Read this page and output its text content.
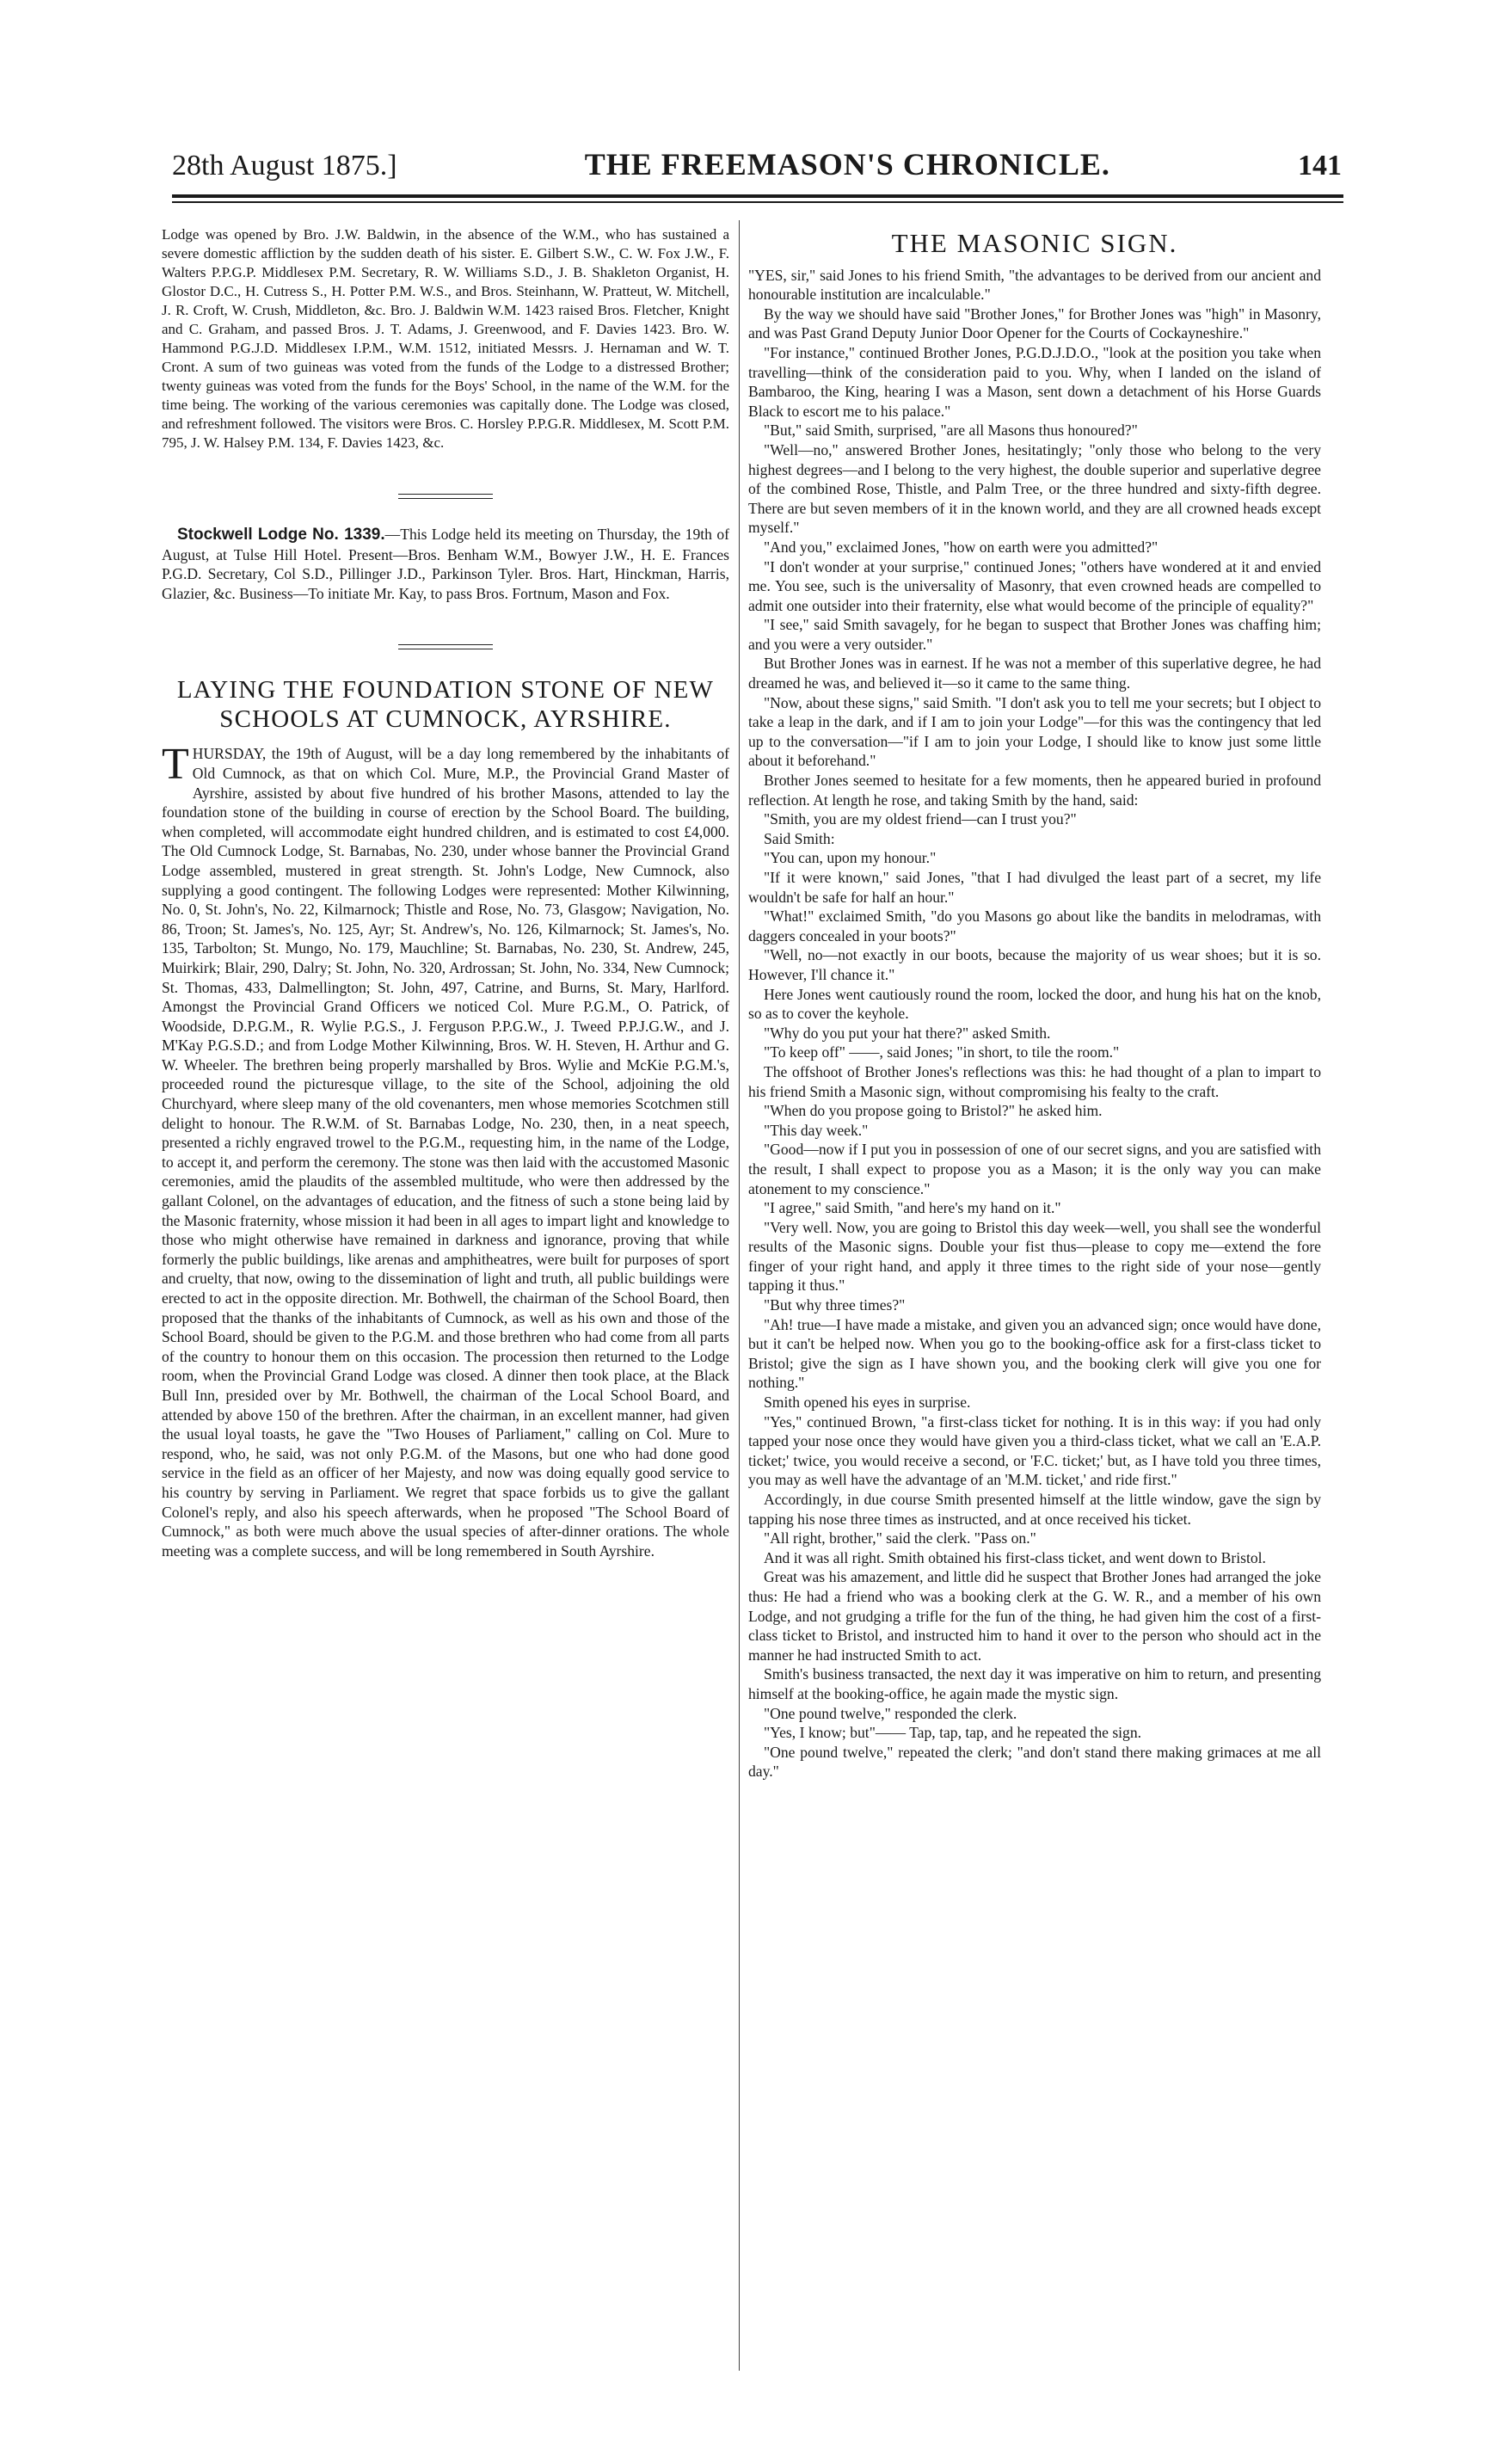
28th August 1875.]	THE FREEMASON'S CHRONICLE.	141

Lodge was opened by Bro. J.W. Baldwin, in the absence of the W.M., who has sustained a severe domestic affliction by the sudden death of his sister. E. Gilbert S.W., C. W. Fox J.W., F. Walters P.P.G.P. Middlesex P.M. Secretary, R. W. Williams S.D., J. B. Shakleton Organist, H. Glostor D.C., H. Cutress S., H. Potter P.M. W.S., and Bros. Steinhann, W. Pratteut, W. Mitchell, J. R. Croft, W. Crush, Middleton, &c. Bro. J. Baldwin W.M. 1423 raised Bros. Fletcher, Knight and C. Graham, and passed Bros. J. T. Adams, J. Greenwood, and F. Davies 1423. Bro. W. Hammond P.G.J.D. Middlesex I.P.M., W.M. 1512, initiated Messrs. J. Hernaman and W. T. Cront. A sum of two guineas was voted from the funds of the Lodge to a distressed Brother; twenty guineas was voted from the funds for the Boys' School, in the name of the W.M. for the time being. The working of the various ceremonies was capitally done. The Lodge was closed, and refreshment followed. The visitors were Bros. C. Horsley P.P.G.R. Middlesex, M. Scott P.M. 795, J. W. Halsey P.M. 134, F. Davies 1423, &c.

Stockwell Lodge No. 1339.—This Lodge held its meeting on Thursday, the 19th of August, at Tulse Hill Hotel. Present—Bros. Benham W.M., Bowyer J.W., H. E. Frances P.G.D. Secretary, Col S.D., Pillinger J.D., Parkinson Tyler. Bros. Hart, Hinckman, Harris, Glazier, &c. Business—To initiate Mr. Kay, to pass Bros. Fortnum, Mason and Fox.

LAYING THE FOUNDATION STONE OF NEW
SCHOOLS AT CUMNOCK, AYRSHIRE.

THURSDAY, the 19th of August, will be a day long remembered by the inhabitants of Old Cumnock, as that on which Col. Mure, M.P., the Provincial Grand Master of Ayrshire, assisted by about five hundred of his brother Masons, attended to lay the foundation stone of the building in course of erection by the School Board. The building, when completed, will accommodate eight hundred children, and is estimated to cost £4,000. The Old Cumnock Lodge, St. Barnabas, No. 230, under whose banner the Provincial Grand Lodge assembled, mustered in great strength. St. John's Lodge, New Cumnock, also supplying a good contingent. The following Lodges were represented: Mother Kilwinning, No. 0, St. John's, No. 22, Kilmarnock; Thistle and Rose, No. 73, Glasgow; Navigation, No. 86, Troon; St. James's, No. 125, Ayr; St. Andrew's, No. 126, Kilmarnock; St. James's, No. 135, Tarbolton; St. Mungo, No. 179, Mauchline; St. Barnabas, No. 230, St. Andrew, 245, Muirkirk; Blair, 290, Dalry; St. John, No. 320, Ardrossan; St. John, No. 334, New Cumnock; St. Thomas, 433, Dalmellington; St. John, 497, Catrine, and Burns, St. Mary, Harlford. Amongst the Provincial Grand Officers we noticed Col. Mure P.G.M., O. Patrick, of Woodside, D.P.G.M., R. Wylie P.G.S., J. Ferguson P.P.G.W., J. Tweed P.P.J.G.W., and J. M'Kay P.G.S.D.; and from Lodge Mother Kilwinning, Bros. W. H. Steven, H. Arthur and G. W. Wheeler. The brethren being properly marshalled by Bros. Wylie and McKie P.G.M.'s, proceeded round the picturesque village, to the site of the School, adjoining the old Churchyard, where sleep many of the old covenanters, men whose memories Scotchmen still delight to honour. The R.W.M. of St. Barnabas Lodge, No. 230, then, in a neat speech, presented a richly engraved trowel to the P.G.M., requesting him, in the name of the Lodge, to accept it, and perform the ceremony. The stone was then laid with the accustomed Masonic ceremonies, amid the plaudits of the assembled multitude, who were then addressed by the gallant Colonel, on the advantages of education, and the fitness of such a stone being laid by the Masonic fraternity, whose mission it had been in all ages to impart light and knowledge to those who might otherwise have remained in darkness and ignorance, proving that while formerly the public buildings, like arenas and amphitheatres, were built for purposes of sport and cruelty, that now, owing to the dissemination of light and truth, all public buildings were erected to act in the opposite direction. Mr. Bothwell, the chairman of the School Board, then proposed that the thanks of the inhabitants of Cumnock, as well as his own and those of the School Board, should be given to the P.G.M. and those brethren who had come from all parts of the country to honour them on this occasion. The procession then returned to the Lodge room, when the Provincial Grand Lodge was closed. A dinner then took place, at the Black Bull Inn, presided over by Mr. Bothwell, the chairman of the Local School Board, and attended by above 150 of the brethren. After the chairman, in an excellent manner, had given the usual loyal toasts, he gave the "Two Houses of Parliament," calling on Col. Mure to respond, who, he said, was not only P.G.M. of the Masons, but one who had done good service in the field as an officer of her Majesty, and now was doing equally good service to his country by serving in Parliament. We regret that space forbids us to give the gallant Colonel's reply, and also his speech afterwards, when he proposed "The School Board of Cumnock," as both were much above the usual species of after-dinner orations. The whole meeting was a complete success, and will be long remembered in South Ayrshire.

THE MASONIC SIGN.

"YES, sir," said Jones to his friend Smith, "the advantages to be derived from our ancient and honourable institution are incalculable."

By the way we should have said "Brother Jones," for Brother Jones was "high" in Masonry, and was Past Grand Deputy Junior Door Opener for the Courts of Cockayneshire."

"For instance," continued Brother Jones, P.G.D.J.D.O., "look at the position you take when travelling—think of the consideration paid to you. Why, when I landed on the island of Bambaroo, the King, hearing I was a Mason, sent down a detachment of his Horse Guards Black to escort me to his palace."

"But," said Smith, surprised, "are all Masons thus honoured?"

"Well—no," answered Brother Jones, hesitatingly; "only those who belong to the very highest degrees—and I belong to the very highest, the double superior and superlative degree of the combined Rose, Thistle, and Palm Tree, or the three hundred and sixty-fifth degree. There are but seven members of it in the known world, and they are all crowned heads except myself."

"And you," exclaimed Jones, "how on earth were you admitted?"

"I don't wonder at your surprise," continued Jones; "others have wondered at it and envied me. You see, such is the universality of Masonry, that even crowned heads are compelled to admit one outsider into their fraternity, else what would become of the principle of equality?"

"I see," said Smith savagely, for he began to suspect that Brother Jones was chaffing him; and you were a very outsider."

But Brother Jones was in earnest. If he was not a member of this superlative degree, he had dreamed he was, and believed it—so it came to the same thing.

"Now, about these signs," said Smith. "I don't ask you to tell me your secrets; but I object to take a leap in the dark, and if I am to join your Lodge"—for this was the contingency that led up to the conversation—"if I am to join your Lodge, I should like to know just some little about it beforehand."

Brother Jones seemed to hesitate for a few moments, then he appeared buried in profound reflection. At length he rose, and taking Smith by the hand, said:

"Smith, you are my oldest friend—can I trust you?"

Said Smith:

"You can, upon my honour."

"If it were known," said Jones, "that I had divulged the least part of a secret, my life wouldn't be safe for half an hour."

"What!" exclaimed Smith, "do you Masons go about like the bandits in melodramas, with daggers concealed in your boots?"

"Well, no—not exactly in our boots, because the majority of us wear shoes; but it is so. However, I'll chance it."

Here Jones went cautiously round the room, locked the door, and hung his hat on the knob, so as to cover the keyhole.

"Why do you put your hat there?" asked Smith.

"To keep off" ——, said Jones; "in short, to tile the room."

The offshoot of Brother Jones's reflections was this: he had thought of a plan to impart to his friend Smith a Masonic sign, without compromising his fealty to the craft.

"When do you propose going to Bristol?" he asked him.

"This day week."

"Good—now if I put you in possession of one of our secret signs, and you are satisfied with the result, I shall expect to propose you as a Mason; it is the only way you can make atonement to my conscience."

"I agree," said Smith, "and here's my hand on it."

"Very well. Now, you are going to Bristol this day week—well, you shall see the wonderful results of the Masonic signs. Double your fist thus—please to copy me—extend the fore finger of your right hand, and apply it three times to the right side of your nose—gently tapping it thus."

"But why three times?"

"Ah! true—I have made a mistake, and given you an advanced sign; once would have done, but it can't be helped now. When you go to the booking-office ask for a first-class ticket to Bristol; give the sign as I have shown you, and the booking clerk will give you one for nothing."

Smith opened his eyes in surprise.

"Yes," continued Brown, "a first-class ticket for nothing. It is in this way: if you had only tapped your nose once they would have given you a third-class ticket, what we call an 'E.A.P. ticket;' twice, you would receive a second, or 'F.C. ticket;' but, as I have told you three times, you may as well have the advantage of an 'M.M. ticket,' and ride first."

Accordingly, in due course Smith presented himself at the little window, gave the sign by tapping his nose three times as instructed, and at once received his ticket.

"All right, brother," said the clerk. "Pass on."

And it was all right. Smith obtained his first-class ticket, and went down to Bristol.

Great was his amazement, and little did he suspect that Brother Jones had arranged the joke thus: He had a friend who was a booking clerk at the G. W. R., and a member of his own Lodge, and not grudging a trifle for the fun of the thing, he had given him the cost of a first-class ticket to Bristol, and instructed him to hand it over to the person who should act in the manner he had instructed Smith to act.

Smith's business transacted, the next day it was imperative on him to return, and presenting himself at the booking-office, he again made the mystic sign.

"One pound twelve," responded the clerk.

"Yes, I know; but"—— Tap, tap, tap, and he repeated the sign.

"One pound twelve," repeated the clerk; "and don't stand there making grimaces at me all day."
